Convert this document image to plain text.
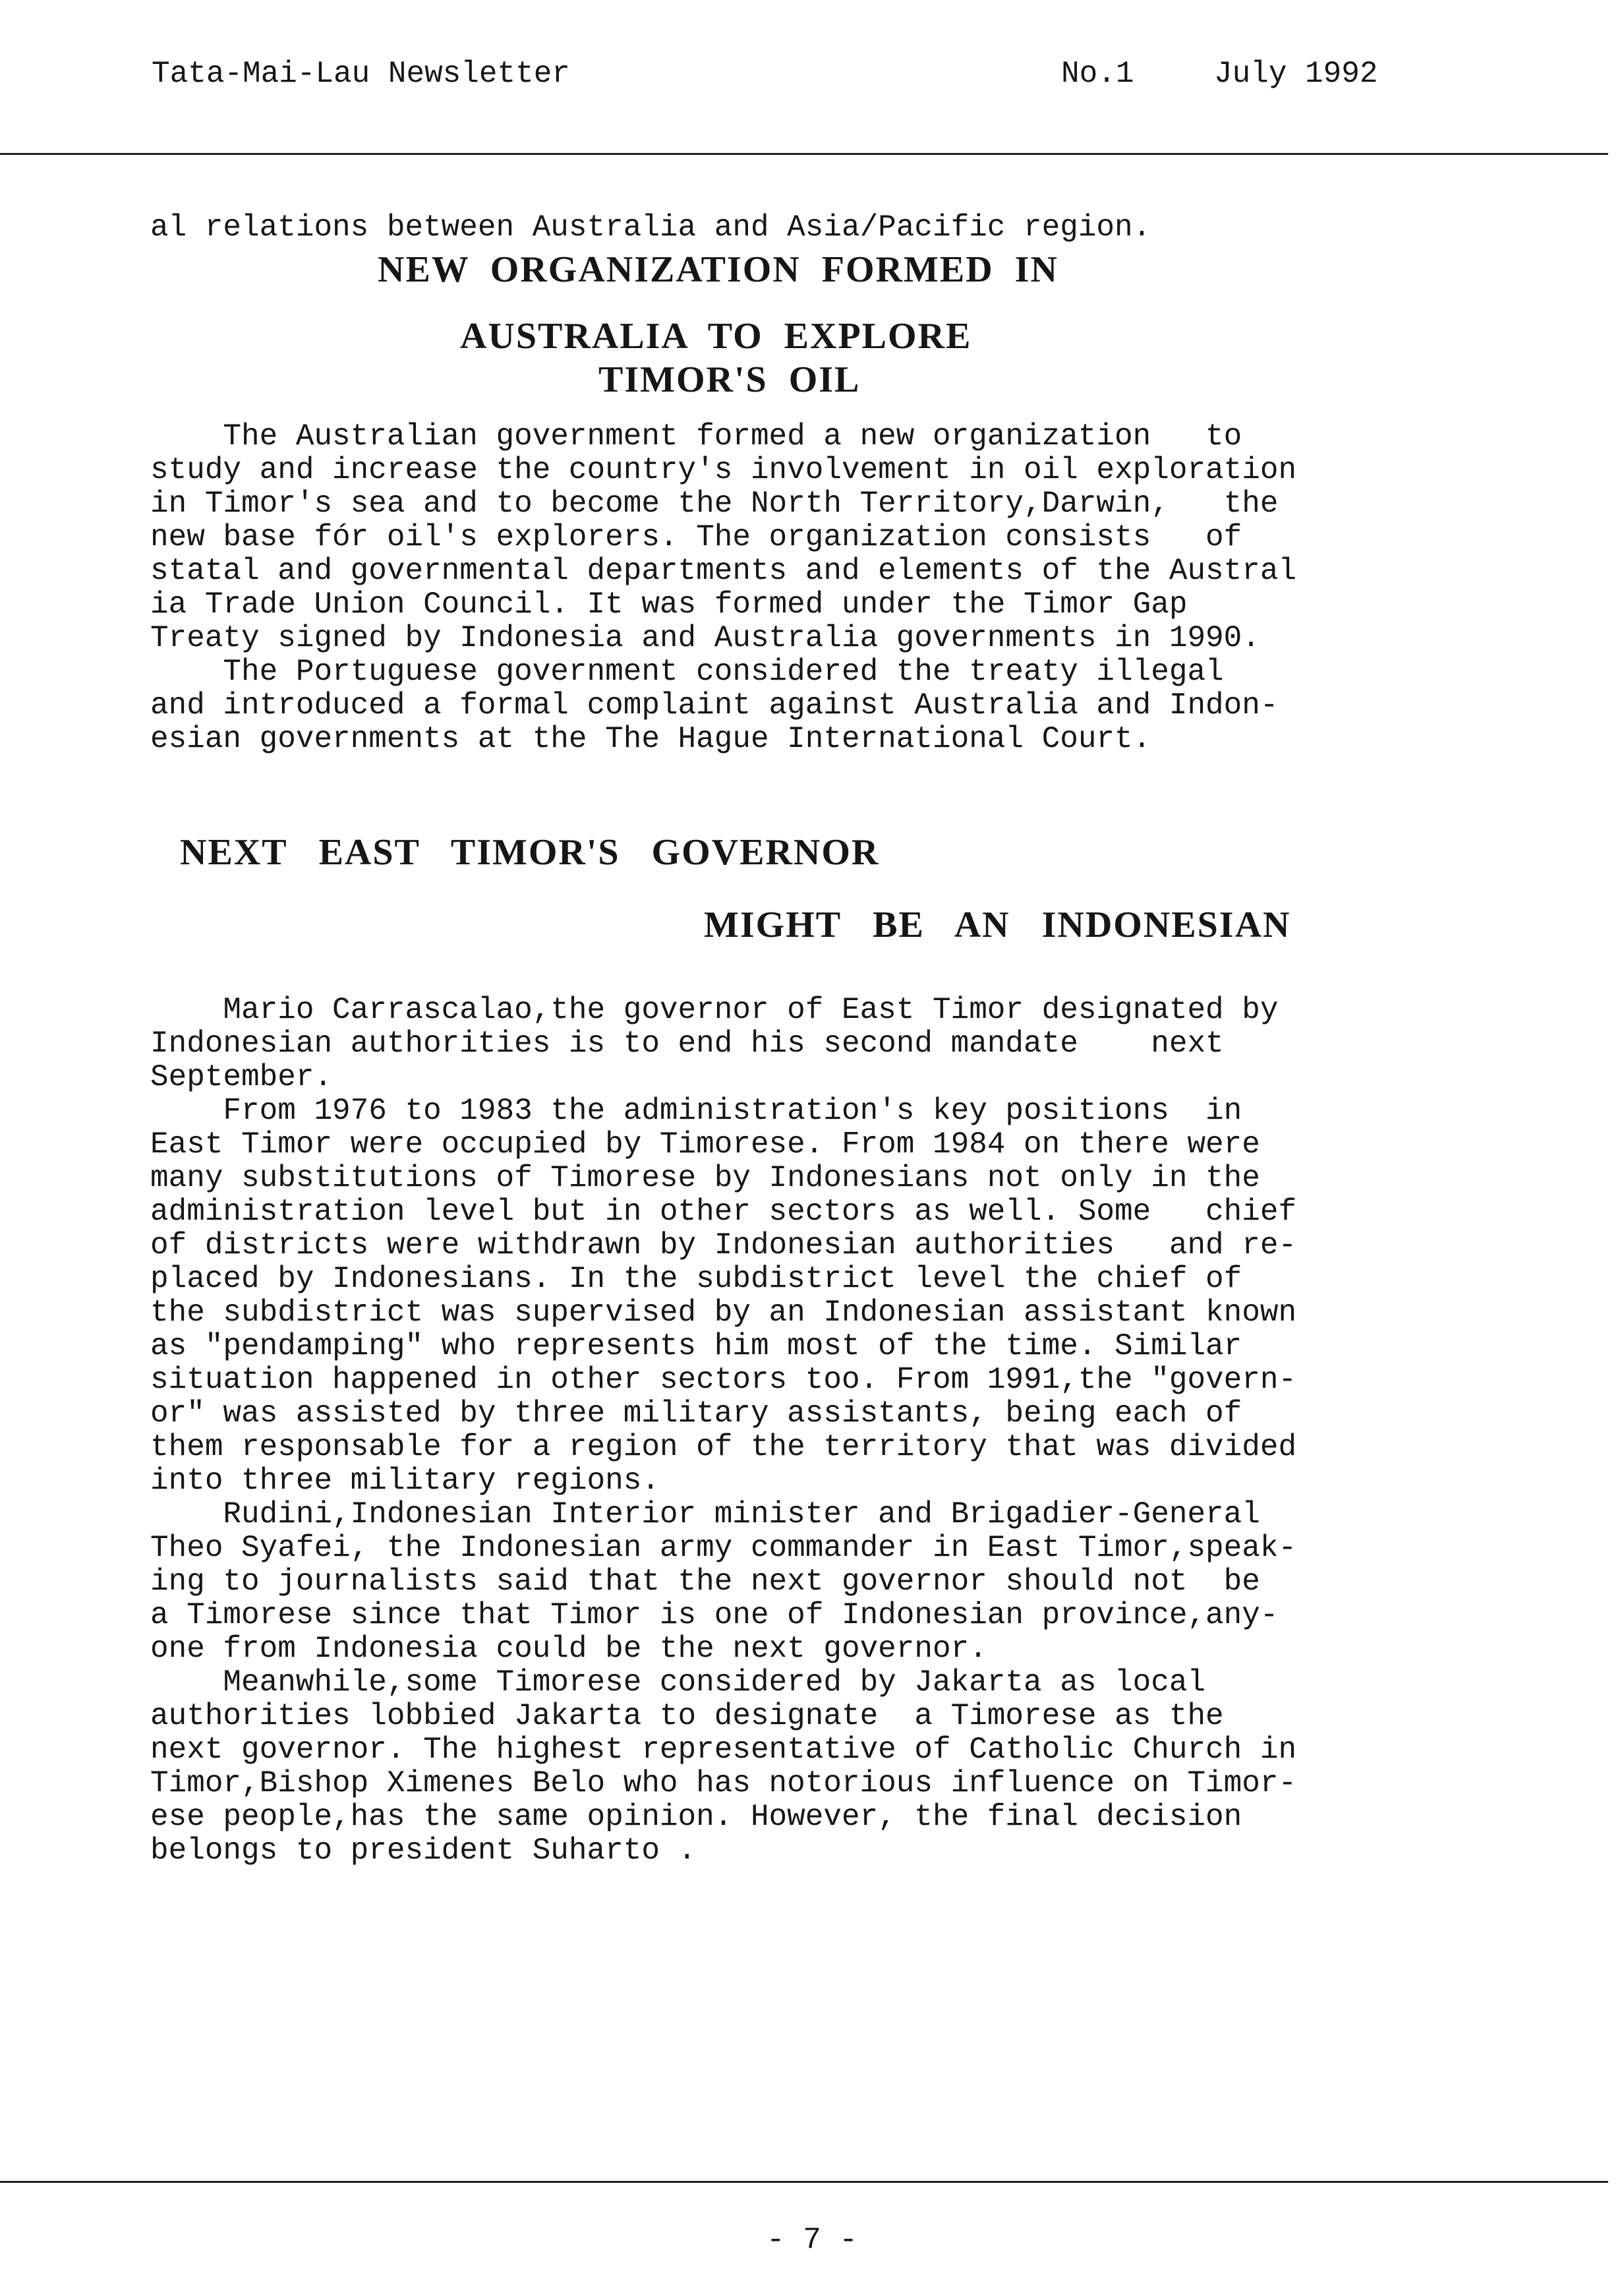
Tata-Mai-Lau Newsletter	No.1	July 1992

al relations between Australia and Asia/Pacific region.

NEW  ORGANIZATION  FORMED  IN

AUSTRALIA  TO  EXPLORE

TIMOR'S  OIL

The Australian government formed a new organization   to

study and increase the country's involvement in oil exploration

in Timor's sea and to become the North Territory,Darwin,   the

new base fór oil's explorers. The organization consists   of

statal and governmental departments and elements of the Austral

ia Trade Union Council. It was formed under the Timor Gap

Treaty signed by Indonesia and Australia governments in 1990.

The Portuguese government considered the treaty illegal

and introduced a formal complaint against Australia and Indon-

esian governments at the The Hague International Court.

NEXT   EAST   TIMOR'S   GOVERNOR

MIGHT   BE   AN   INDONESIAN

Mario Carrascalao,the governor of East Timor designated by

Indonesian authorities is to end his second mandate    next

September.

From 1976 to 1983 the administration's key positions  in

East Timor were occupied by Timorese. From 1984 on there were

many substitutions of Timorese by Indonesians not only in the

administration level but in other sectors as well. Some   chief

of districts were withdrawn by Indonesian authorities   and re-

placed by Indonesians. In the subdistrict level the chief of

the subdistrict was supervised by an Indonesian assistant known

as "pendamping" who represents him most of the time. Similar

situation happened in other sectors too. From 1991,the "govern-

or" was assisted by three military assistants, being each of

them responsable for a region of the territory that was divided

into three military regions.

Rudini,Indonesian Interior minister and Brigadier-General

Theo Syafei, the Indonesian army commander in East Timor,speak-

ing to journalists said that the next governor should not  be

a Timorese since that Timor is one of Indonesian province,any-

one from Indonesia could be the next governor.

Meanwhile,some Timorese considered by Jakarta as local

authorities lobbied Jakarta to designate  a Timorese as the

next governor. The highest representative of Catholic Church in

Timor,Bishop Ximenes Belo who has notorious influence on Timor-

ese people,has the same opinion. However, the final decision

belongs to president Suharto .

- 7 -
